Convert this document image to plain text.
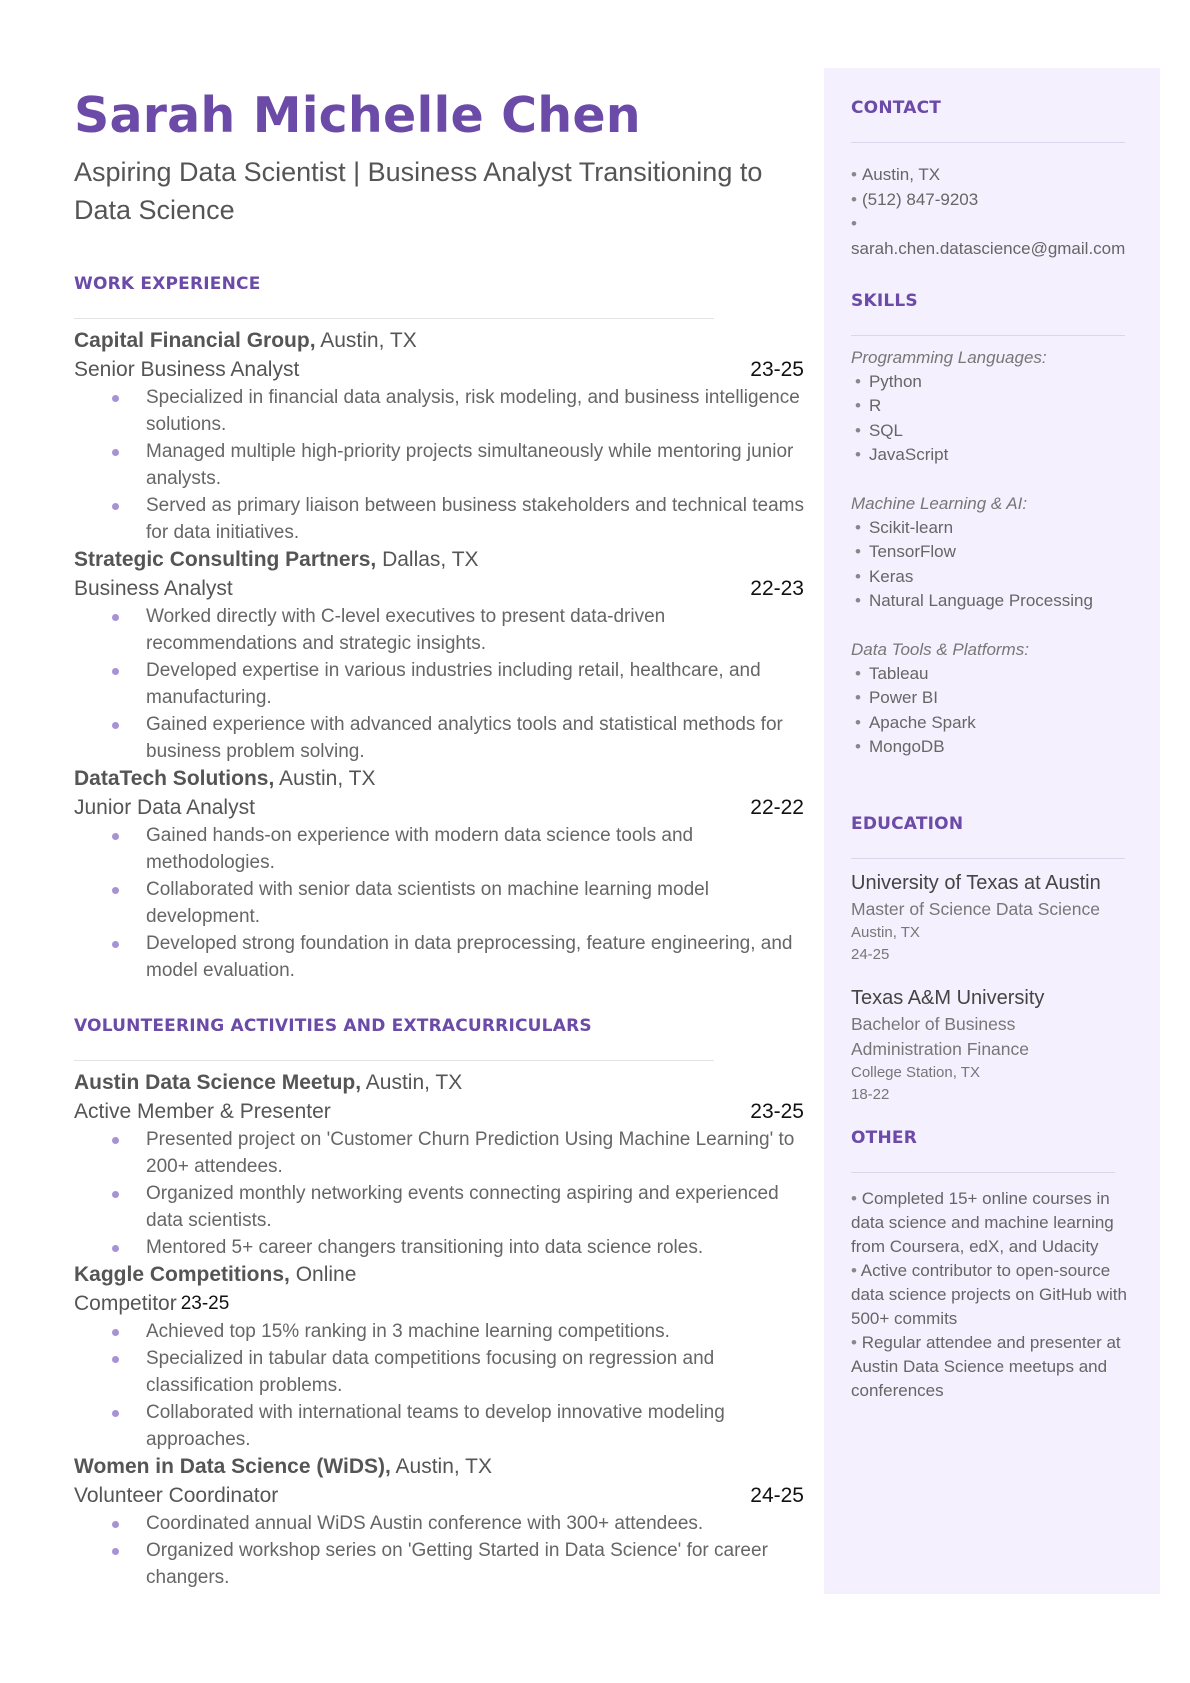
Sarah Michelle Chen
Aspiring Data Scientist | Business Analyst Transitioning to Data Science
WORK EXPERIENCE
Capital Financial Group, Austin, TX
Senior Business Analyst	23-25
Specialized in financial data analysis, risk modeling, and business intelligence solutions.
Managed multiple high-priority projects simultaneously while mentoring junior analysts.
Served as primary liaison between business stakeholders and technical teams for data initiatives.
Strategic Consulting Partners, Dallas, TX
Business Analyst	22-23
Worked directly with C-level executives to present data-driven recommendations and strategic insights.
Developed expertise in various industries including retail, healthcare, and manufacturing.
Gained experience with advanced analytics tools and statistical methods for business problem solving.
DataTech Solutions, Austin, TX
Junior Data Analyst	22-22
Gained hands-on experience with modern data science tools and methodologies.
Collaborated with senior data scientists on machine learning model development.
Developed strong foundation in data preprocessing, feature engineering, and model evaluation.
VOLUNTEERING ACTIVITIES AND EXTRACURRICULARS
Austin Data Science Meetup, Austin, TX
Active Member & Presenter	23-25
Presented project on 'Customer Churn Prediction Using Machine Learning' to 200+ attendees.
Organized monthly networking events connecting aspiring and experienced data scientists.
Mentored 5+ career changers transitioning into data science roles.
Kaggle Competitions, Online
Competitor 23-25
Achieved top 15% ranking in 3 machine learning competitions.
Specialized in tabular data competitions focusing on regression and classification problems.
Collaborated with international teams to develop innovative modeling approaches.
Women in Data Science (WiDS), Austin, TX
Volunteer Coordinator	24-25
Coordinated annual WiDS Austin conference with 300+ attendees.
Organized workshop series on 'Getting Started in Data Science' for career changers.
CONTACT
• Austin, TX
• (512) 847-9203
•
sarah.chen.datascience@gmail.com
SKILLS
Programming Languages:
• Python
• R
• SQL
• JavaScript
Machine Learning & AI:
• Scikit-learn
• TensorFlow
• Keras
• Natural Language Processing
Data Tools & Platforms:
• Tableau
• Power BI
• Apache Spark
• MongoDB
EDUCATION
University of Texas at Austin
Master of Science Data Science
Austin, TX
24-25
Texas A&M University
Bachelor of Business Administration Finance
College Station, TX
18-22
OTHER
• Completed 15+ online courses in data science and machine learning from Coursera, edX, and Udacity
• Active contributor to open-source data science projects on GitHub with 500+ commits
• Regular attendee and presenter at Austin Data Science meetups and conferences
